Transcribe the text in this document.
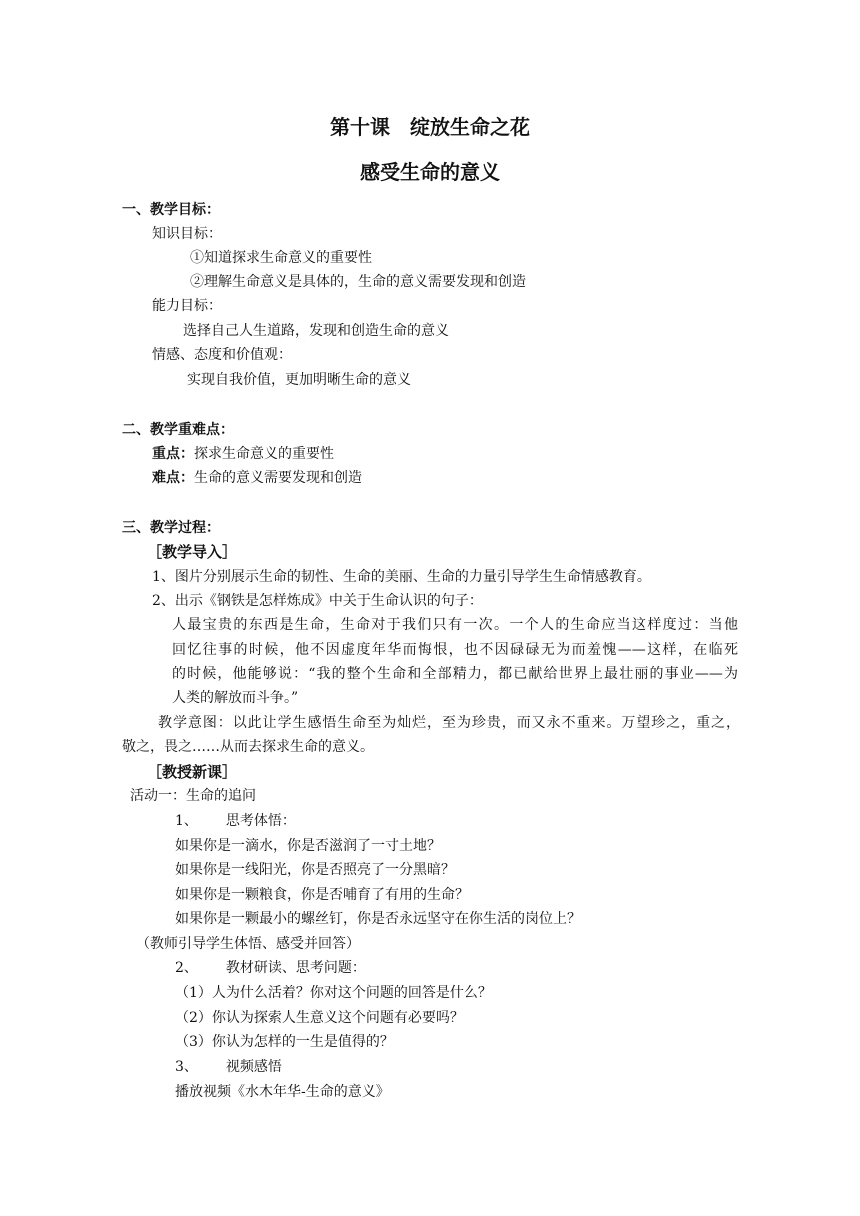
第十课　绽放生命之花
感受生命的意义
一、教学目标：
知识目标：
①知道探求生命意义的重要性
②理解生命意义是具体的，生命的意义需要发现和创造
能力目标：
选择自己人生道路，发现和创造生命的意义
情感、态度和价值观：
实现自我价值，更加明晰生命的意义
二、教学重难点：
重点：探求生命意义的重要性
难点：生命的意义需要发现和创造
三、教学过程：
［教学导入］
1、图片分别展示生命的韧性、生命的美丽、生命的力量引导学生生命情感教育。
2、出示《钢铁是怎样炼成》中关于生命认识的句子：
人最宝贵的东西是生命，生命对于我们只有一次。一个人的生命应当这样度过：当他
回忆往事的时候，他不因虚度年华而悔恨，也不因碌碌无为而羞愧——这样，在临死
的时候，他能够说：“我的整个生命和全部精力，都已献给世界上最壮丽的事业——为
人类的解放而斗争。”
教学意图：以此让学生感悟生命至为灿烂，至为珍贵，而又永不重来。万望珍之，重之，
敬之，畏之……从而去探求生命的意义。
［教授新课］
活动一：生命的追问
1、 思考体悟：
如果你是一滴水，你是否滋润了一寸土地？
如果你是一线阳光，你是否照亮了一分黑暗？
如果你是一颗粮食，你是否哺育了有用的生命？
如果你是一颗最小的螺丝钉，你是否永远坚守在你生活的岗位上？
（教师引导学生体悟、感受并回答）
2、 教材研读、思考问题：
（1）人为什么活着？你对这个问题的回答是什么？
（2）你认为探索人生意义这个问题有必要吗？
（3）你认为怎样的一生是值得的？
3、 视频感悟
播放视频《水木年华-生命的意义》
